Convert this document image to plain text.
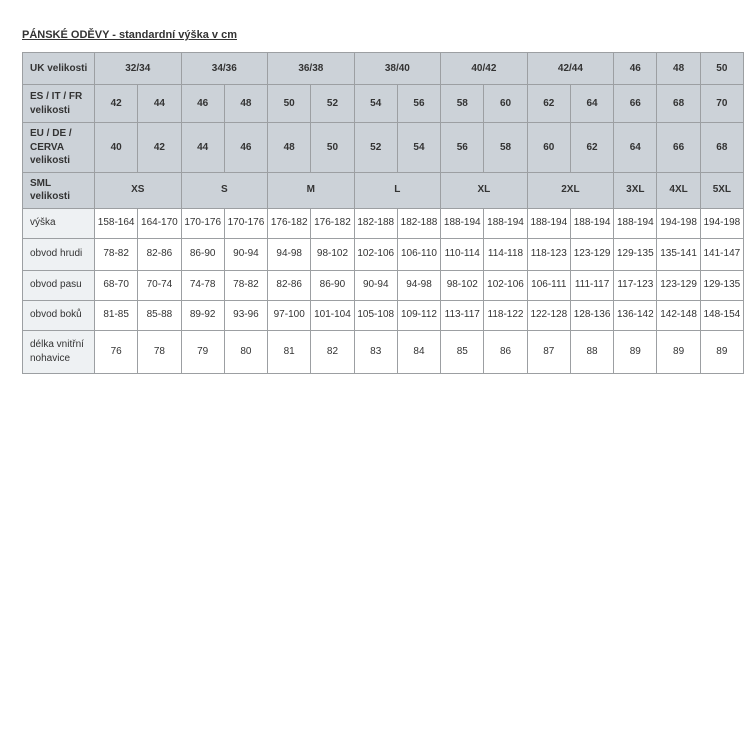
PÁNSKÉ ODĚVY - standardní výška v cm
UK velikosti	32/34		34/36		36/38		38/40		40/42		42/44		46	48	50
ES / IT / FR velikosti	42	44	46	48	50	52	54	56	58	60	62	64	66	68	70
EU / DE / CERVA velikosti	40	42	44	46	48	50	52	54	56	58	60	62	64	66	68
SML velikosti	XS		S		M		L		XL		2XL		3XL	4XL	5XL
výška	158-164	164-170	170-176	170-176	176-182	176-182	182-188	182-188	188-194	188-194	188-194	188-194	188-194	194-198	194-198
obvod hrudi	78-82	82-86	86-90	90-94	94-98	98-102	102-106	106-110	110-114	114-118	118-123	123-129	129-135	135-141	141-147
obvod pasu	68-70	70-74	74-78	78-82	82-86	86-90	90-94	94-98	98-102	102-106	106-111	111-117	117-123	123-129	129-135
obvod boků	81-85	85-88	89-92	93-96	97-100	101-104	105-108	109-112	113-117	118-122	122-128	128-136	136-142	142-148	148-154
délka vnitřní nohavice	76	78	79	80	81	82	83	84	85	86	87	88	89	89	89
